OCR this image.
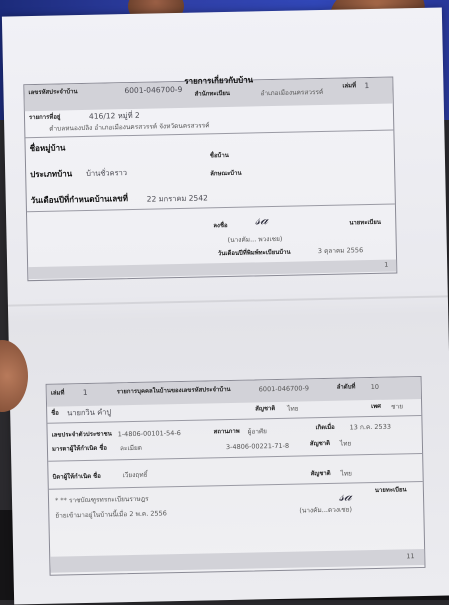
เลขรหัสประจำบ้าน	6001-046700-9
รายการเกี่ยวกับบ้าน
สำนักทะเบียน	อำเภอเมืองนครสวรรค์
เล่มที่ 1
รายการที่อยู่	416/12 หมู่ที่ 2
ตำบลหนองปลิง อำเภอเมืองนครสวรรค์ จังหวัดนครสวรรค์
ชื่อหมู่บ้าน
ชื่อบ้าน
ประเภทบ้าน บ้านชั่วคราว	ลักษณะบ้าน
วันเดือนปีที่กำหนดบ้านเลขที่ 22 มกราคม 2542
ลงชื่อ 𝓈𝒶
(นางคัม... พวงเชย)
นายทะเบียน
วันเดือนปีที่พิมพ์ทะเบียนบ้าน	3 ตุลาคม 2556
1
เล่มที่ 1	รายการบุคคลในบ้านของเลขรหัสประจำบ้าน	6001-046700-9	ลำดับที่ 10
ชื่อ นายกวิน คำปู	สัญชาติ ไทย	เพศ ชาย
เลขประจำตัวประชาชน 1-4806-00101-54-6	สถานภาพ ผู้อาศัย	เกิดเมื่อ 13 ก.ค. 2533
มารดาผู้ให้กำเนิด ชื่อ ละเมียด	3-4806-00221-71-8	สัญชาติ ไทย
บิดาผู้ให้กำเนิด ชื่อ	เวียงฤทธิ์	สัญชาติ ไทย
* ** ราชบัณฑูรทรกะเบียนราษฎร
ย้ายเข้ามาอยู่ในบ้านนี้เมื่อ 2 พ.ค. 2556
นายทะเบียน
𝓈𝒶
(นางคัม...ดวงเชย)
11
